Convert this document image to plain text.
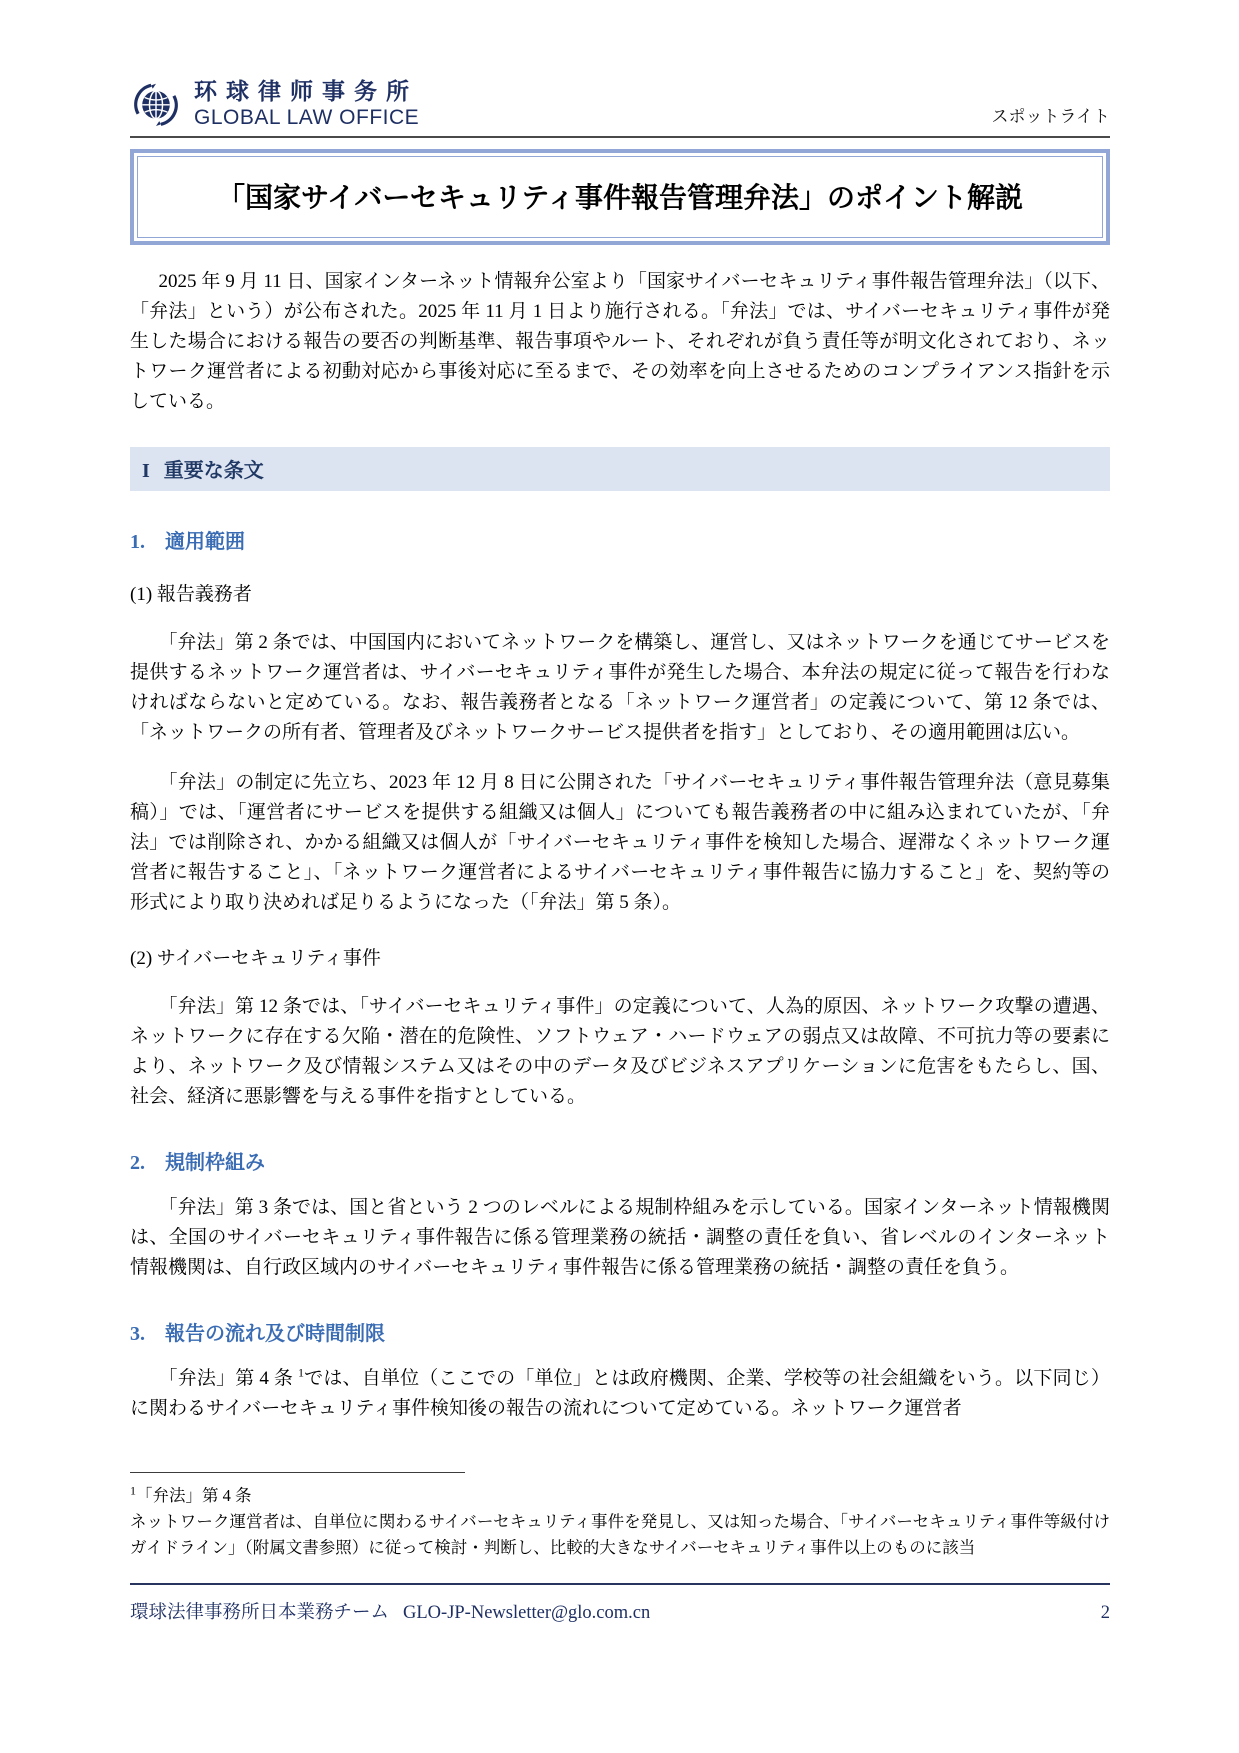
环球律师事务所
GLOBAL LAW OFFICE	スポットライト
「国家サイバーセキュリティ事件報告管理弁法」のポイント解説

2025 年 9 月 11 日、国家インターネット情報弁公室より「国家サイバーセキュリティ事件報告管理弁法」（以下、「弁法」という）が公布された。2025 年 11 月 1 日より施行される。「弁法」では、サイバーセキュリティ事件が発生した場合における報告の要否の判断基準、報告事項やルート、それぞれが負う責任等が明文化されており、ネットワーク運営者による初動対応から事後対応に至るまで、その効率を向上させるためのコンプライアンス指針を示している。

I 重要な条文
1. 適用範囲

(1) 報告義務者

「弁法」第 2 条では、中国国内においてネットワークを構築し、運営し、又はネットワークを通じてサービスを提供するネットワーク運営者は、サイバーセキュリティ事件が発生した場合、本弁法の規定に従って報告を行わなければならないと定めている。なお、報告義務者となる「ネットワーク運営者」の定義について、第 12 条では、「ネットワークの所有者、管理者及びネットワークサービス提供者を指す」としており、その適用範囲は広い。

「弁法」の制定に先立ち、2023 年 12 月 8 日に公開された「サイバーセキュリティ事件報告管理弁法（意見募集稿）」では、「運営者にサービスを提供する組織又は個人」についても報告義務者の中に組み込まれていたが、「弁法」では削除され、かかる組織又は個人が「サイバーセキュリティ事件を検知した場合、遅滞なくネットワーク運営者に報告すること」、「ネットワーク運営者によるサイバーセキュリティ事件報告に協力すること」を、契約等の形式により取り決めれば足りるようになった（「弁法」第 5 条）。

(2) サイバーセキュリティ事件

「弁法」第 12 条では、「サイバーセキュリティ事件」の定義について、人為的原因、ネットワーク攻撃の遭遇、ネットワークに存在する欠陥・潜在的危険性、ソフトウェア・ハードウェアの弱点又は故障、不可抗力等の要素により、ネットワーク及び情報システム又はその中のデータ及びビジネスアプリケーションに危害をもたらし、国、社会、経済に悪影響を与える事件を指すとしている。

2. 規制枠組み

「弁法」第 3 条では、国と省という 2 つのレベルによる規制枠組みを示している。国家インターネット情報機関は、全国のサイバーセキュリティ事件報告に係る管理業務の統括・調整の責任を負い、省レベルのインターネット情報機関は、自行政区域内のサイバーセキュリティ事件報告に係る管理業務の統括・調整の責任を負う。

3. 報告の流れ及び時間制限

「弁法」第 4 条 $^1$では、自単位（ここでの「単位」とは政府機関、企業、学校等の社会組織をいう。以下同じ）に関わるサイバーセキュリティ事件検知後の報告の流れについて定めている。ネットワーク運営者

$^1$「弁法」第 4 条

ネットワーク運営者は、自単位に関わるサイバーセキュリティ事件を発見し、又は知った場合、「サイバーセキュリティ事件等級付けガイドライン」（附属文書参照）に従って検討・判断し、比較的大きなサイバーセキュリティ事件以上のものに該当

環球法律事務所日本業務チーム GLO-JP-Newsletter@glo.com.cn	2
